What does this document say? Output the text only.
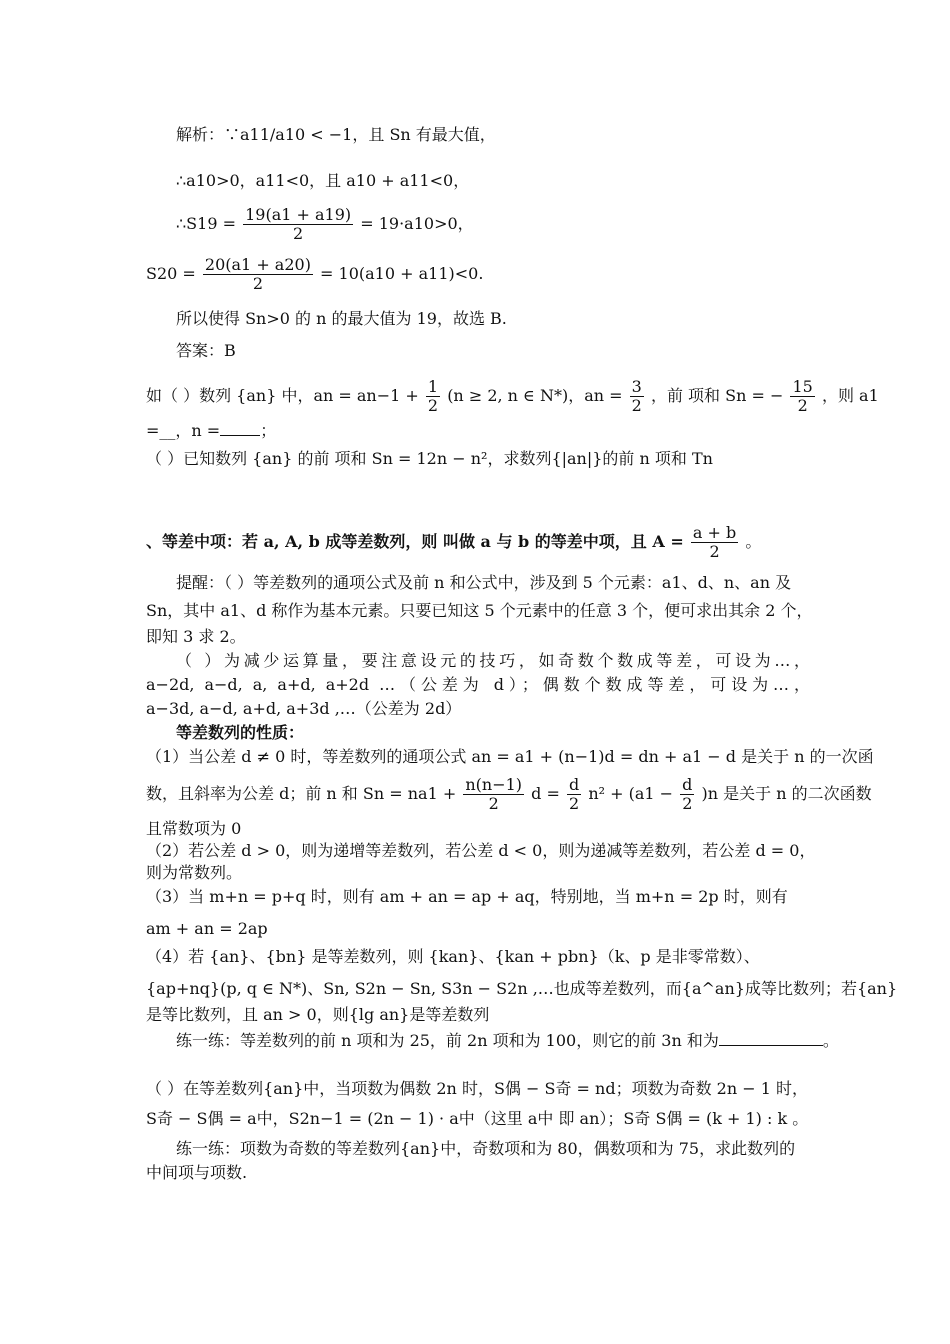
解析：∵a11/a10 < −1，且 Sn 有最大值，
∴a10>0，a11<0，且 a10 + a11<0，
∴S19 = $\frac{19(a1 + a19)}{2} = 19\cdot a10>0$，
$S20 = \frac{20(a1 + a20)}{2} = 10(a10 + a11)<0$.
所以使得 Sn>0 的 n 的最大值为 19，故选 B.
答案：B
如（ ）数列 {an} 中，an = $an-1 + \frac{1}{2} (n \ge 2$, n ∈ N*)，an = $\frac{3}{2}$ ，前 项和 Sn = − $\frac{15}{2}$ ，则 a1
=__，n =	；
（ ）已知数列 {an} 的前 项和 Sn = 12n − n²，求数列{|an|}的前 n 项和 Tn
、等差中项：若 a, A, b 成等差数列，则 叫做 a 与 b 的等差中项，且 $A = \frac{a + b}{2}$ 。
提醒：（ ）等差数列的通项公式及前 n 和公式中，涉及到 5 个元素：a1、d、n、an 及
Sn，其中 a1、d 称作为基本元素。只要已知这 5 个元素中的任意 3 个，便可求出其余 2 个，
即知 3 求 2。
（ ）为减少运算量，要注意设元的技巧，如奇数个数成等差，可设为…，
a−2d, a−d, a, a+d, a+2d …（公差为 d）；偶数个数成等差，可设为…，
a−3d, a−d, a+d, a+3d ,…（公差为 2d）
等差数列的性质：
（1）当公差 d ≠ 0 时，等差数列的通项公式 an = a1 + (n−1)d = dn + a1 − d 是关于 n 的一次函
数，且斜率为公差 d；前 n 和 $Sn = na1 + \frac{n(n-1)}{2}$ $d = \frac{d}{2} n^2 + (a1 - \frac{d}{2} )n$ 是关于 n 的二次函数
且常数项为 0
（2）若公差 d > 0，则为递增等差数列，若公差 d < 0，则为递减等差数列，若公差 d = 0，
则为常数列。
（3）当 m+n = p+q 时，则有 am + an = ap + aq，特别地，当 m+n = 2p 时，则有
am + an = 2ap
（4）若 {an}、{bn} 是等差数列，则 {kan}、{kan + pbn}（k、p 是非零常数）、
{ap+nq}(p, q ∈ N*)、Sn, S2n − Sn, S3n − S2n ,…也成等差数列，而{a^an}成等比数列；若{an}
是等比数列，且 an > 0，则{lg an}是等差数列
练一练：等差数列的前 n 项和为 25，前 2n 项和为 100，则它的前 3n 和为	。
（ ）在等差数列{an}中，当项数为偶数 2n 时，S偶 − S奇 = nd；项数为奇数 2n − 1 时，
S奇 − S偶 = a中，S2n−1 = (2n − 1) · a中（这里 a中 即 an）；S奇 S偶 = (k + 1) : k 。
练一练：项数为奇数的等差数列{an}中，奇数项和为 80，偶数项和为 75，求此数列的
中间项与项数.
